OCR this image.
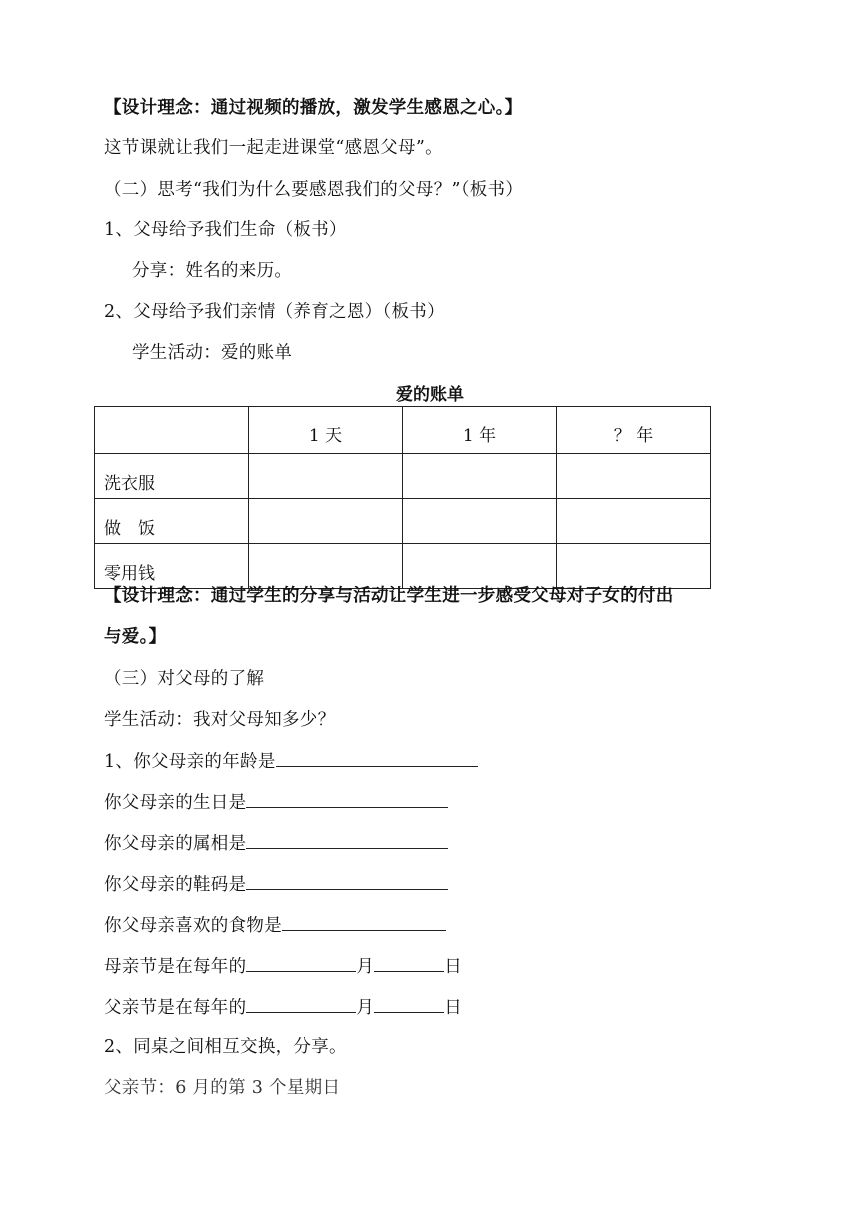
【设计理念：通过视频的播放，激发学生感恩之心。】
这节课就让我们一起走进课堂“感恩父母”。
（二）思考“我们为什么要感恩我们的父母？”（板书）
1、父母给予我们生命（板书）
分享：姓名的来历。
2、父母给予我们亲情（养育之恩）（板书）
学生活动：爱的账单
爱的账单
	1 天	1 年	？ 年
洗衣服			
做　饭			
零用钱			
【设计理念：通过学生的分享与活动让学生进一步感受父母对子女的付出
与爱。】
（三）对父母的了解
学生活动：我对父母知多少？
1、你父母亲的年龄是
你父母亲的生日是
你父母亲的属相是
你父母亲的鞋码是
你父母亲喜欢的食物是
母亲节是在每年的	月	日
父亲节是在每年的	月	日
2、同桌之间相互交换，分享。
父亲节：6 月的第 3 个星期日
